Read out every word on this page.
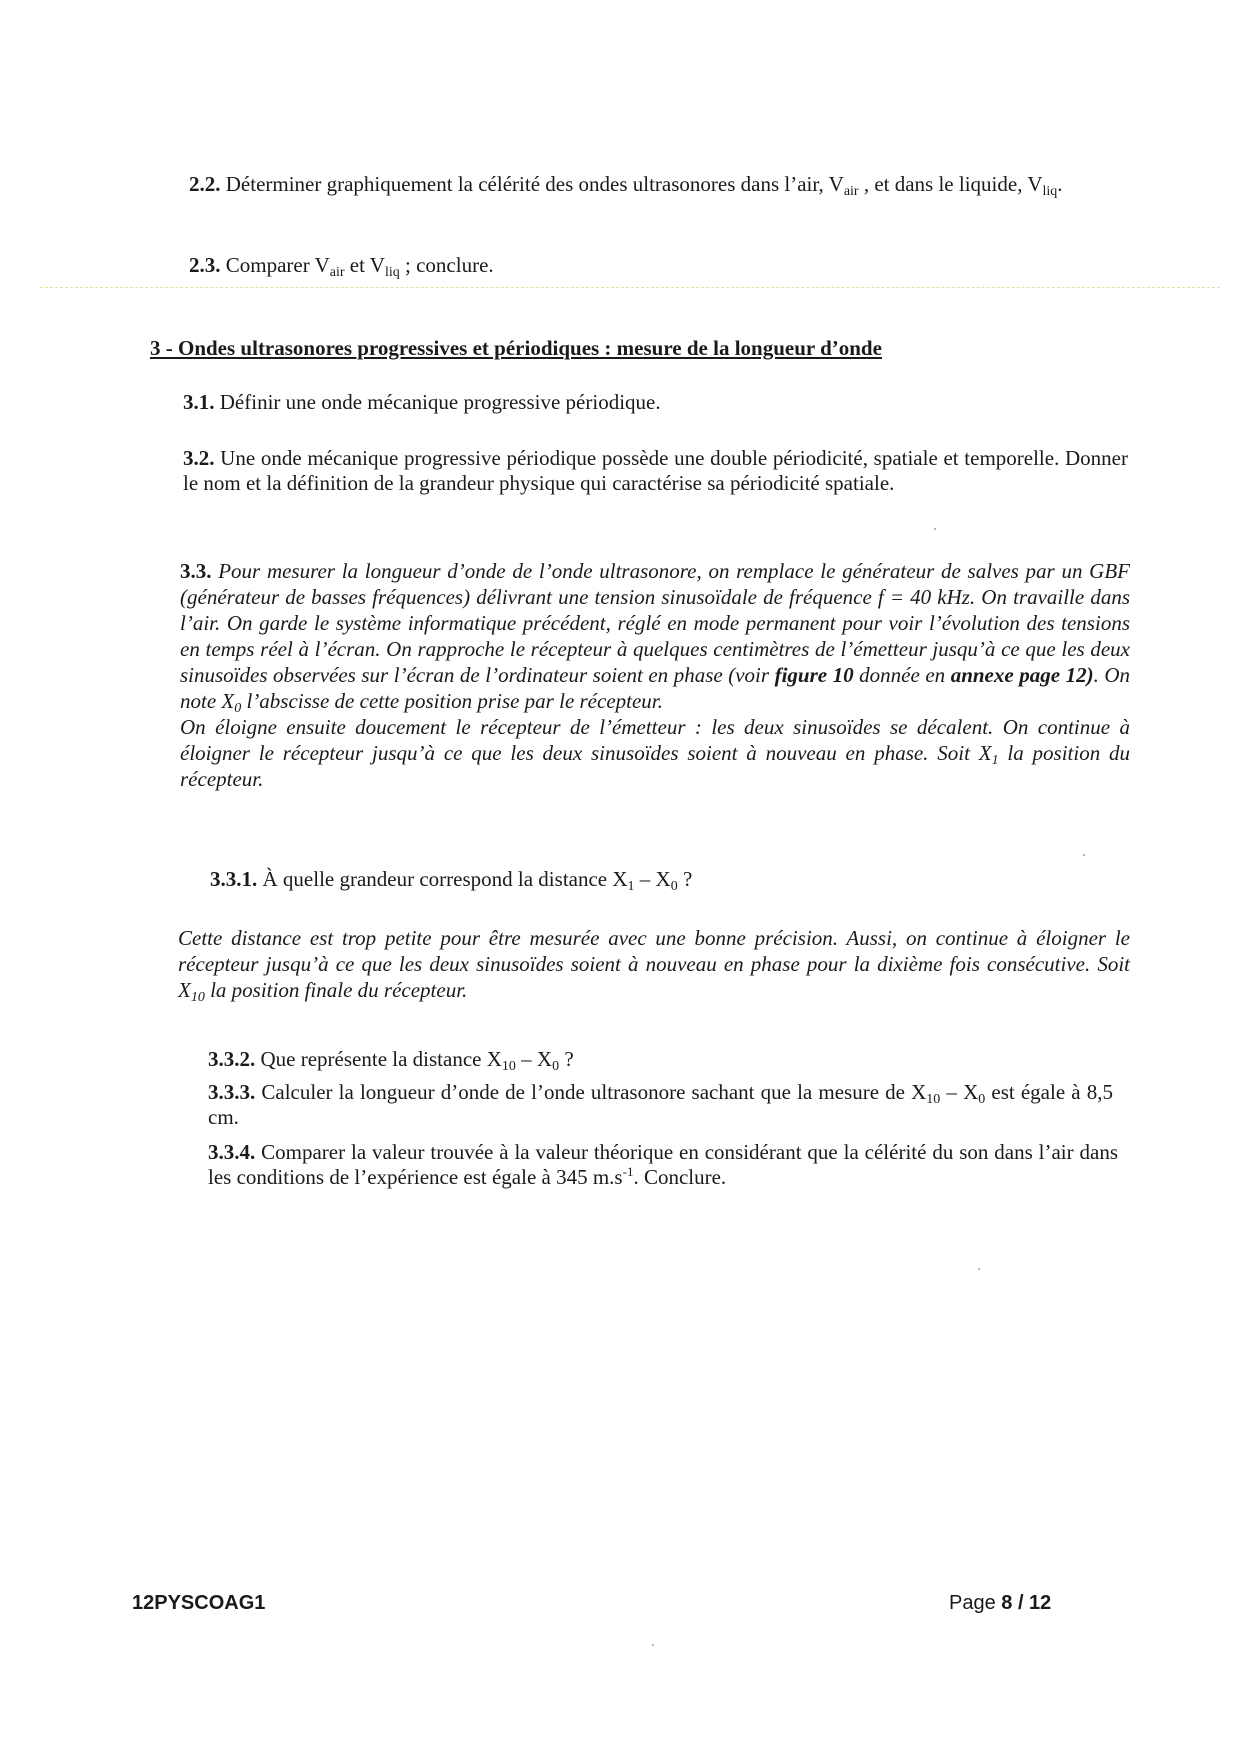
2.2. Déterminer graphiquement la célérité des ondes ultrasonores dans l’air, $V_{air}$ , et dans le liquide, $V_{liq}$.
2.3. Comparer $V_{air}$ et $V_{liq}$ ; conclure.
3 - Ondes ultrasonores progressives et périodiques : mesure de la longueur d’onde
3.1. Définir une onde mécanique progressive périodique.
3.2. Une onde mécanique progressive périodique possède une double périodicité, spatiale et temporelle. Donner le nom et la définition de la grandeur physique qui caractérise sa périodicité spatiale.
3.3. Pour mesurer la longueur d’onde de l’onde ultrasonore, on remplace le générateur de salves par un GBF (générateur de basses fréquences) délivrant une tension sinusoïdale de fréquence f = 40 kHz. On travaille dans l’air. On garde le système informatique précédent, réglé en mode permanent pour voir l’évolution des tensions en temps réel à l’écran. On rapproche le récepteur à quelques centimètres de l’émetteur jusqu’à ce que les deux sinusoïdes observées sur l’écran de l’ordinateur soient en phase (voir figure 10 donnée en annexe page 12). On note $X_0$ l’abscisse de cette position prise par le récepteur.
On éloigne ensuite doucement le récepteur de l’émetteur : les deux sinusoïdes se décalent. On continue à éloigner le récepteur jusqu’à ce que les deux sinusoïdes soient à nouveau en phase. Soit $X_1$ la position du récepteur.
3.3.1. À quelle grandeur correspond la distance $X_1 - X_0$ ?
Cette distance est trop petite pour être mesurée avec une bonne précision. Aussi, on continue à éloigner le récepteur jusqu’à ce que les deux sinusoïdes soient à nouveau en phase pour la dixième fois consécutive. Soit $X_{10}$ la position finale du récepteur.
3.3.2. Que représente la distance $X_{10} - X_0$ ?
3.3.3. Calculer la longueur d’onde de l’onde ultrasonore sachant que la mesure de $X_{10} - X_0$ est égale à 8,5 cm.
3.3.4. Comparer la valeur trouvée à la valeur théorique en considérant que la célérité du son dans l’air dans les conditions de l’expérience est égale à 345 $m.s^{-1}$. Conclure.
12PYSCOAG1	Page 8 / 12
